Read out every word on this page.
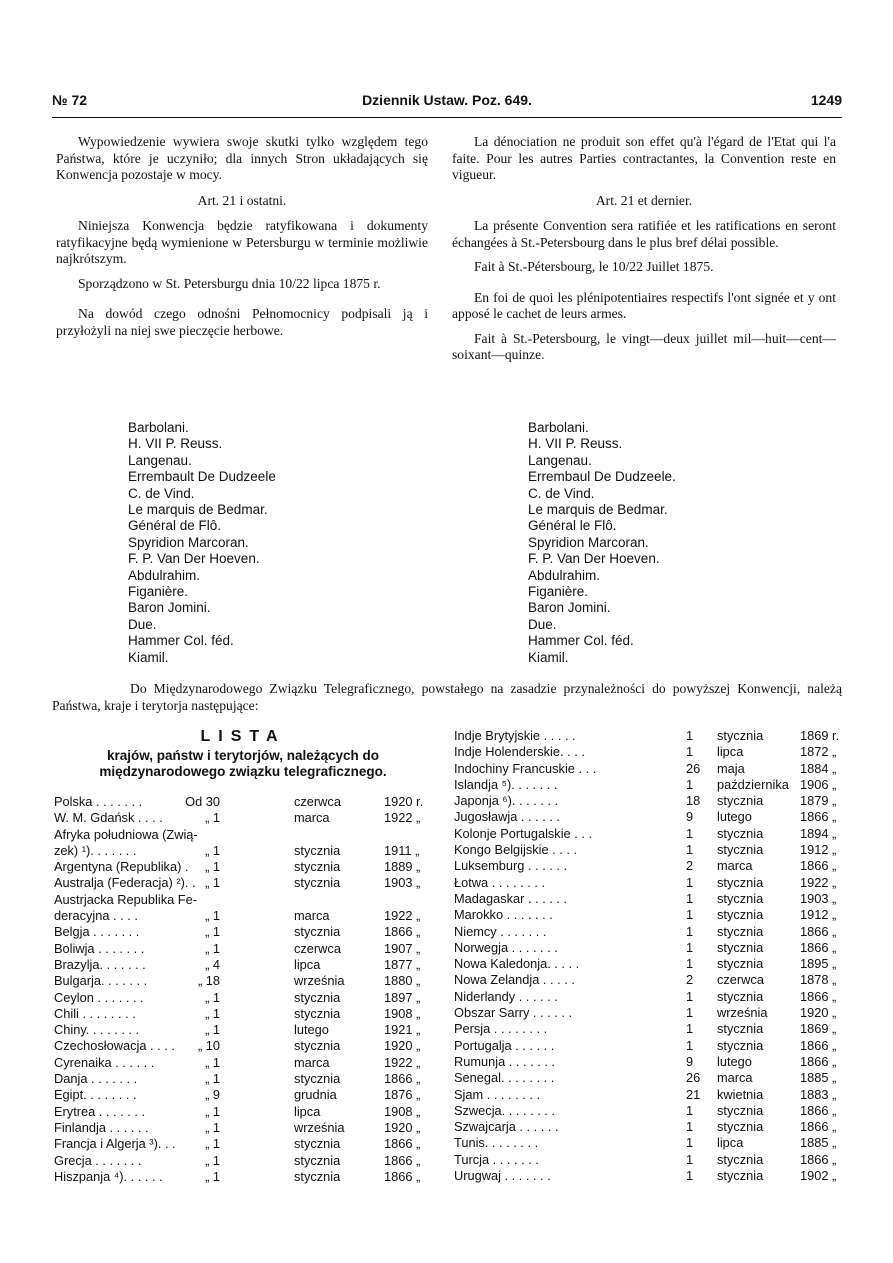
№ 72	Dziennik Ustaw. Poz. 649.	1249

Wypowiedzenie wywiera swoje skutki tylko względem tego Państwa, które je uczyniło; dla innych Stron układających się Konwencja pozostaje w mocy.

Art. 21 i ostatni.

Niniejsza Konwencja będzie ratyfikowana i dokumenty ratyfikacyjne będą wymienione w Petersburgu w terminie możliwie najkrótszym.

Sporządzono w St. Petersburgu dnia 10/22 lipca 1875 r.

Na dowód czego odnośni Pełnomocnicy podpisali ją i przyłożyli na niej swe pieczęcie herbowe.

La dénociation ne produit son effet qu'à l'égard de l'Etat qui l'a faite. Pour les autres Parties contractantes, la Convention reste en vigueur.

Art. 21 et dernier.

La présente Convention sera ratifiée et les ratifications en seront échangées à St.-Petersbourg dans le plus bref délai possible.

Fait à St.-Pétersbourg, le 10/22 Juillet 1875.

En foi de quoi les plénipotentiaires respectifs l'ont signée et y ont apposé le cachet de leurs armes.

Fait à St.-Petersbourg, le vingt—deux juillet mil—huit—cent—soixant—quinze.

Barbolani.
H. VII P. Reuss.
Langenau.
Errembault De Dudzeele
C. de Vind.
Le marquis de Bedmar.
Général de Flô.
Spyridion Marcoran.
F. P. Van Der Hoeven.
Abdulrahim.
Figanière.
Baron Jomini.
Due.
Hammer Col. féd.
Kiamil.
Barbolani.
H. VII P. Reuss.
Langenau.
Errembaul De Dudzeele.
C. de Vind.
Le marquis de Bedmar.
Général le Flô.
Spyridion Marcoran.
F. P. Van Der Hoeven.
Abdulrahim.
Figanière.
Baron Jomini.
Due.
Hammer Col. féd.
Kiamil.
Do Międzynarodowego Związku Telegraficznego, powstałego na zasadzie przynależności do powyższej Konwencji, należą Państwa, kraje i terytorja następujące:
LISTA
krajów, państw i terytorjów, należących do międzynarodowego związku telegraficznego.
Polska . . . . . . .	Od 30	czerwca	1920 r.
W. M. Gdańsk . . . .	„ 1	marca	1922 „
Afryka południowa (Zwią-
zek) ¹). . . . . . .	„ 1	stycznia	1911 „
Argentyna (Republika) . „ 1	stycznia	1889 „
Australja (Federacja) ²). . „ 1	stycznia	1903 „
Austrjacka Republika Fe-
deracyjna . . . .	„ 1	marca	1922 „
Belgja . . . . . . .	„ 1	stycznia	1866 „
Boliwja . . . . . . .	„ 1	czerwca	1907 „
Brazylja. . . . . . .	„ 4	lipca	1877 „
Bulgarja. . . . . . .	„ 18	września	1880 „
Ceylon . . . . . . .	„ 1	stycznia	1897 „
Chili . . . . . . . .	„ 1	stycznia	1908 „
Chiny. . . . . . . .	„ 1	lutego	1921 „
Czechosłowacja . . . . „ 10	stycznia	1920 „
Cyrenaika . . . . . .	„ 1	marca	1922 „
Danja . . . . . . .	„ 1	stycznia	1866 „
Egipt. . . . . . . .	„ 9	grudnia	1876 „
Erytrea . . . . . . .	„ 1	lipca	1908 „
Finlandja . . . . . .	„ 1	września	1920 „
Francja i Algerja ³). . . „ 1	stycznia	1866 „
Grecja . . . . . . .	„ 1	stycznia	1866 „
Hiszpanja ⁴). . . . . .	„ 1	stycznia	1866 „
Indje Brytyjskie . . . . .	1 stycznia	1869 r.
Indje Holenderskie. . . .	1 lipca	1872 „
Indochiny Francuskie . . .	26 maja	1884 „
Islandja ⁵). . . . . . .	1 października 1906 „
Japonja ⁶). . . . . . .	18 stycznia	1879 „
Jugosławja . . . . . .	9 lutego	1866 „
Kolonje Portugalskie . . .	1 stycznia	1894 „
Kongo Belgijskie . . . .	1 stycznia	1912 „
Luksemburg . . . . . .	2 marca	1866 „
Łotwa . . . . . . . .	1 stycznia	1922 „
Madagaskar . . . . . .	1 stycznia	1903 „
Marokko . . . . . . .	1 stycznia	1912 „
Niemcy . . . . . . .	1 stycznia	1866 „
Norwegja . . . . . . .	1 stycznia	1866 „
Nowa Kaledonja. . . . .	1 stycznia	1895 „
Nowa Zelandja . . . . .	2 czerwca	1878 „
Niderlandy . . . . . .	1 stycznia	1866 „
Obszar Sarry . . . . . .	1 września	1920 „
Persja . . . . . . . .	1 stycznia	1869 „
Portugalja . . . . . .	1 stycznia	1866 „
Rumunja . . . . . . .	9 lutego	1866 „
Senegal. . . . . . . .	26 marca	1885 „
Sjam . . . . . . . .	21 kwietnia	1883 „
Szwecja. . . . . . . .	1 stycznia	1866 „
Szwajcarja . . . . . .	1 stycznia	1866 „
Tunis. . . . . . . .	1 lipca	1885 „
Turcja . . . . . . .	1 stycznia	1866 „
Urugwaj . . . . . . .	1 stycznia	1902 „
